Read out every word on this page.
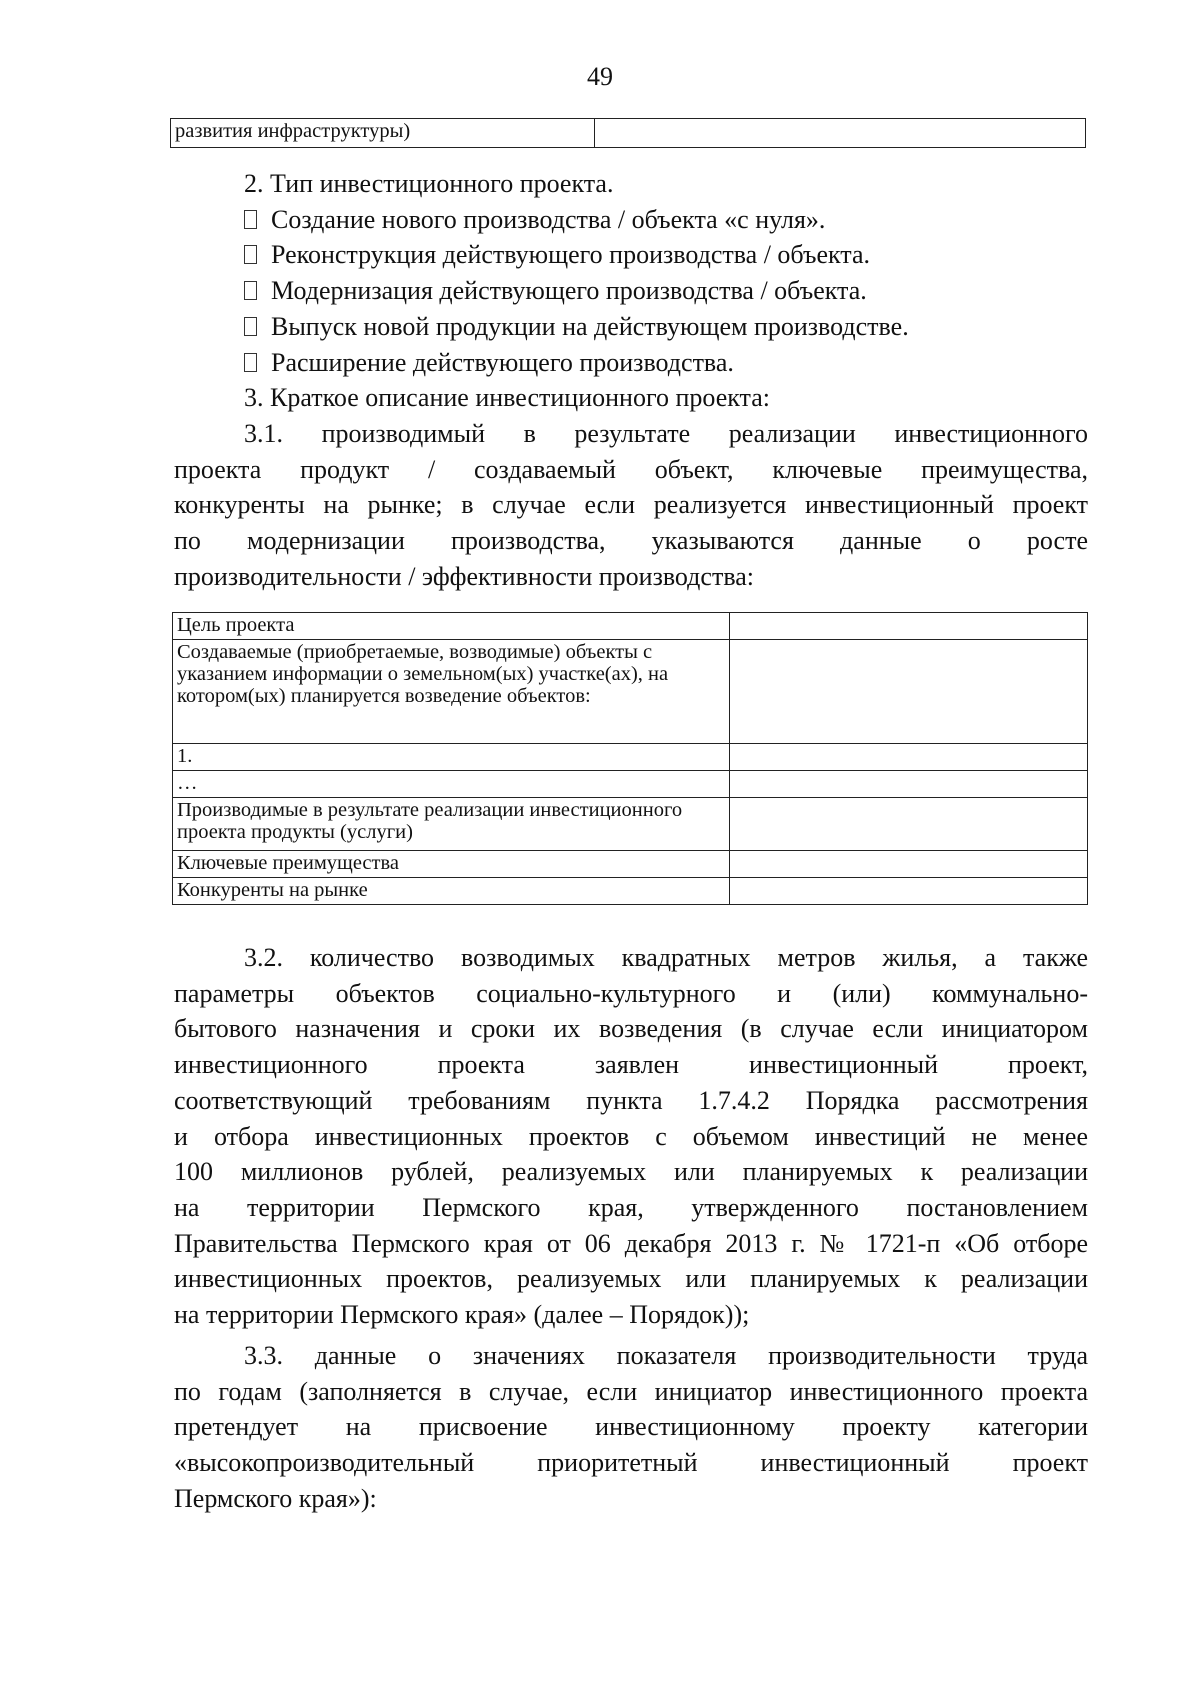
49
развития инфраструктуры)	
2. Тип инвестиционного проекта.
Создание нового производства / объекта «с нуля».
Реконструкция действующего производства / объекта.
Модернизация действующего производства / объекта.
Выпуск новой продукции на действующем производстве.
Расширение действующего производства.
3. Краткое описание инвестиционного проекта:
3.1. производимый в результате реализации инвестиционного
проекта продукт / создаваемый объект, ключевые преимущества,
конкуренты на рынке; в случае если реализуется инвестиционный проект
по модернизации производства, указываются данные о росте
производительности / эффективности производства:
Цель проекта	
Создаваемые (приобретаемые, возводимые) объекты с указанием информации о земельном(ых) участке(ах), на котором(ых) планируется возведение объектов:	
1.	
…	
Производимые в результате реализации инвестиционного проекта продукты (услуги)	
Ключевые преимущества	
Конкуренты на рынке	
3.2. количество возводимых квадратных метров жилья, а также
параметры объектов социально-культурного и (или) коммунально-
бытового назначения и сроки их возведения (в случае если инициатором
инвестиционного проекта заявлен инвестиционный проект,
соответствующий требованиям пункта 1.7.4.2 Порядка рассмотрения
и отбора инвестиционных проектов с объемом инвестиций не менее
100 миллионов рублей, реализуемых или планируемых к реализации
на территории Пермского края, утвержденного постановлением
Правительства Пермского края от 06 декабря 2013 г. № 1721-п «Об отборе
инвестиционных проектов, реализуемых или планируемых к реализации
на территории Пермского края» (далее – Порядок));
3.3. данные о значениях показателя производительности труда
по годам (заполняется в случае, если инициатор инвестиционного проекта
претендует на присвоение инвестиционному проекту категории
«высокопроизводительный приоритетный инвестиционный проект
Пермского края»):
